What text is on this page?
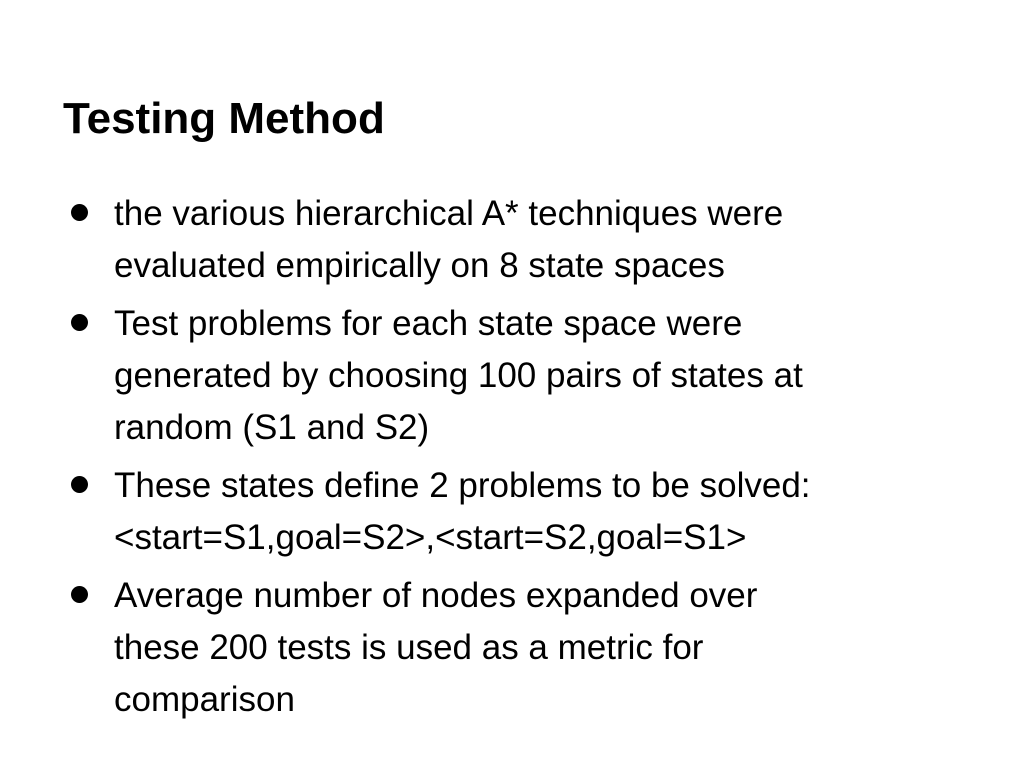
Testing Method
the various hierarchical A* techniques were
evaluated empirically on 8 state spaces
Test problems for each state space were
generated by choosing 100 pairs of states at
random (S1 and S2)
These states define 2 problems to be solved:
<start=S1,goal=S2>,<start=S2,goal=S1>
Average number of nodes expanded over
these 200 tests is used as a metric for
comparison
